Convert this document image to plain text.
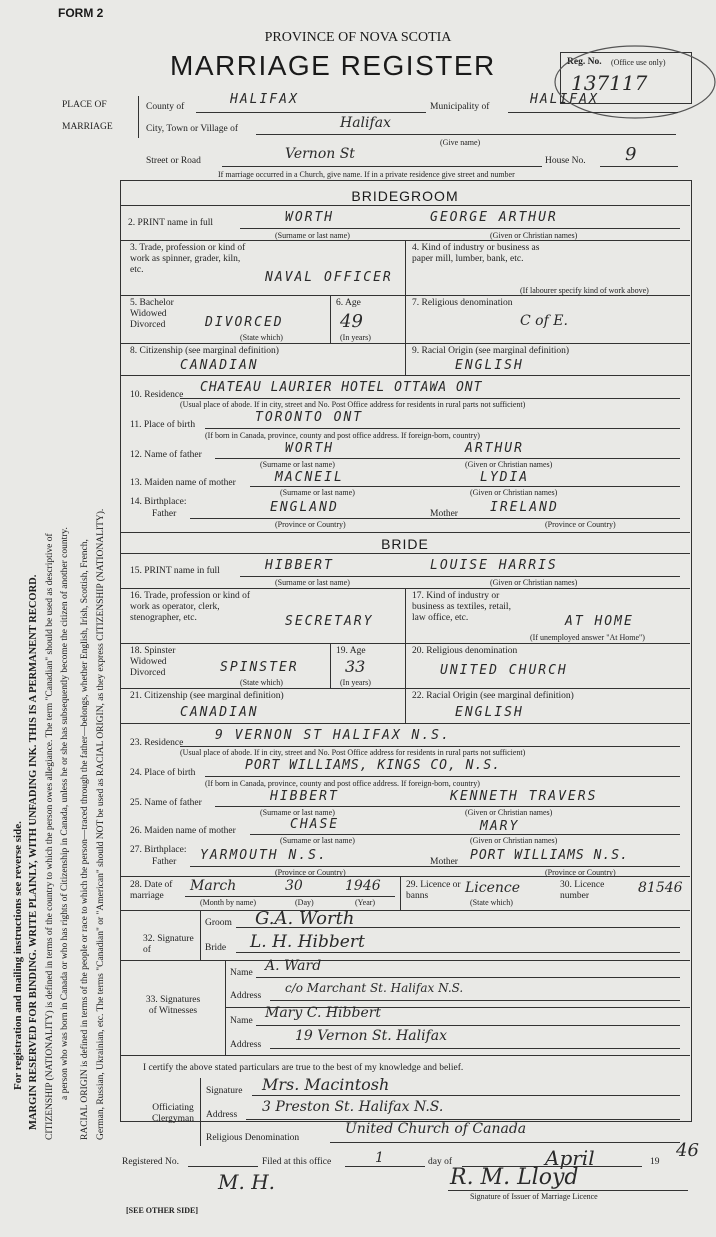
FORM 2
PROVINCE OF NOVA SCOTIA
MARRIAGE REGISTER	Reg. No. (Office use only)
137117
PLACE OF
MARRIAGE
County of	HALIFAX	Municipality of	HALIFAX
City, Town or Village of	Halifax
(Give name)
Street or Road	Vernon St	House No. 9
If marriage occurred in a Church, give name. If in a private residence give street and number
BRIDEGROOM
2. PRINT name in full	WORTH	GEORGE ARTHUR
(Surname or last name)	(Given or Christian names)
3. Trade, profession or kind of work as spinner, grader, kiln, etc.	NAVAL OFFICER
4. Kind of industry or business as paper mill, lumber, bank, etc.
(If labourer specify kind of work above)
5. Bachelor Widowed Divorced	DIVORCED
(State which)
6. Age
49
(In years)
7. Religious denomination
C of E.
8. Citizenship (see marginal definition)
CANADIAN
9. Racial Origin (see marginal definition)
ENGLISH
10. Residence CHATEAU LAURIER HOTEL OTTAWA ONT
(Usual place of abode. If in city, street and No. Post Office address for residents in rural parts not sufficient)
11. Place of birth	TORONTO ONT
(If born in Canada, province, county and post office address. If foreign-born, country)
12. Name of father	WORTH	ARTHUR
(Surname or last name)	(Given or Christian names)
13. Maiden name of mother	MACNEIL	LYDIA
(Surname or last name)	(Given or Christian names)
14. Birthplace:
Father	ENGLAND	Mother IRELAND
(Province or Country)	(Province or Country)
BRIDE
15. PRINT name in full	HIBBERT	LOUISE HARRIS
(Surname or last name)	(Given or Christian names)
16. Trade, profession or kind of work as operator, clerk, stenographer, etc.	SECRETARY
17. Kind of industry or business as textiles, retail, law office, etc.	AT HOME
(If unemployed answer "At Home")
18. Spinster Widowed Divorced	SPINSTER
(State which)
19. Age
33
(In years)
20. Religious denomination
UNITED CHURCH
21. Citizenship (see marginal definition)
CANADIAN
22. Racial Origin (see marginal definition)
ENGLISH
23. Residence 9 VERNON ST HALIFAX N.S.
(Usual place of abode. If in city, street and No. Post Office address for residents in rural parts not sufficient)
24. Place of birth	PORT WILLIAMS, KINGS CO, N.S.
(If born in Canada, province, county and post office address. If foreign-born, country)
25. Name of father	HIBBERT	KENNETH TRAVERS
(Surname or last name)	(Given or Christian names)
26. Maiden name of mother	CHASE	MARY
(Surname or last name)	(Given or Christian names)
27. Birthplace:
Father YARMOUTH N.S.	Mother PORT WILLIAMS N.S.
(Province or Country)	(Province or Country)
28. Date of marriage
March	30	1946
(Month by name)	(Day)	(Year)
29. Licence or banns	Licence
(State which)
30. Licence number	81546
32. Signature of
Groom G.A. Worth
Bride L. H. Hibbert
33. Signatures of Witnesses
Name A. Ward
Address
c/o Marchant St. Halifax N.S.
Name Mary C. Hibbert
Address
19 Vernon St. Halifax
I certify the above stated particulars are true to the best of my knowledge and belief.
Officiating Clergyman
Signature Mrs. Macintosh
Address 3 Preston St. Halifax N.S.
Religious Denomination
United Church of Canada
Registered No.	Filed at this office	1	day of	April	19
46
M. H.	R. M. Lloyd
Signature of Issuer of Marriage Licence
[SEE OTHER SIDE]
For registration and mailing instructions see reverse side. MARGIN RESERVED FOR BINDING. WRITE PLAINLY, WITH UNFADING INK. THIS IS A PERMANENT RECORD. CITIZENSHIP (NATIONALITY) is defined in terms of the country to which the person owes allegiance. The term "Canadian" should be used as descriptive of a person who was born in Canada or who has rights of Citizenship in Canada, unless he or she has subsequently become the citizen of another country. RACIAL ORIGIN is defined in terms of the people or race to which the person—traced through the father—belongs, whether English, Irish, Scottish, French, German, Russian, Ukrainian, etc. The terms "Canadian" or "American" should NOT be used as RACIAL ORIGIN, as they express CITIZENSHIP (NATIONALITY).
